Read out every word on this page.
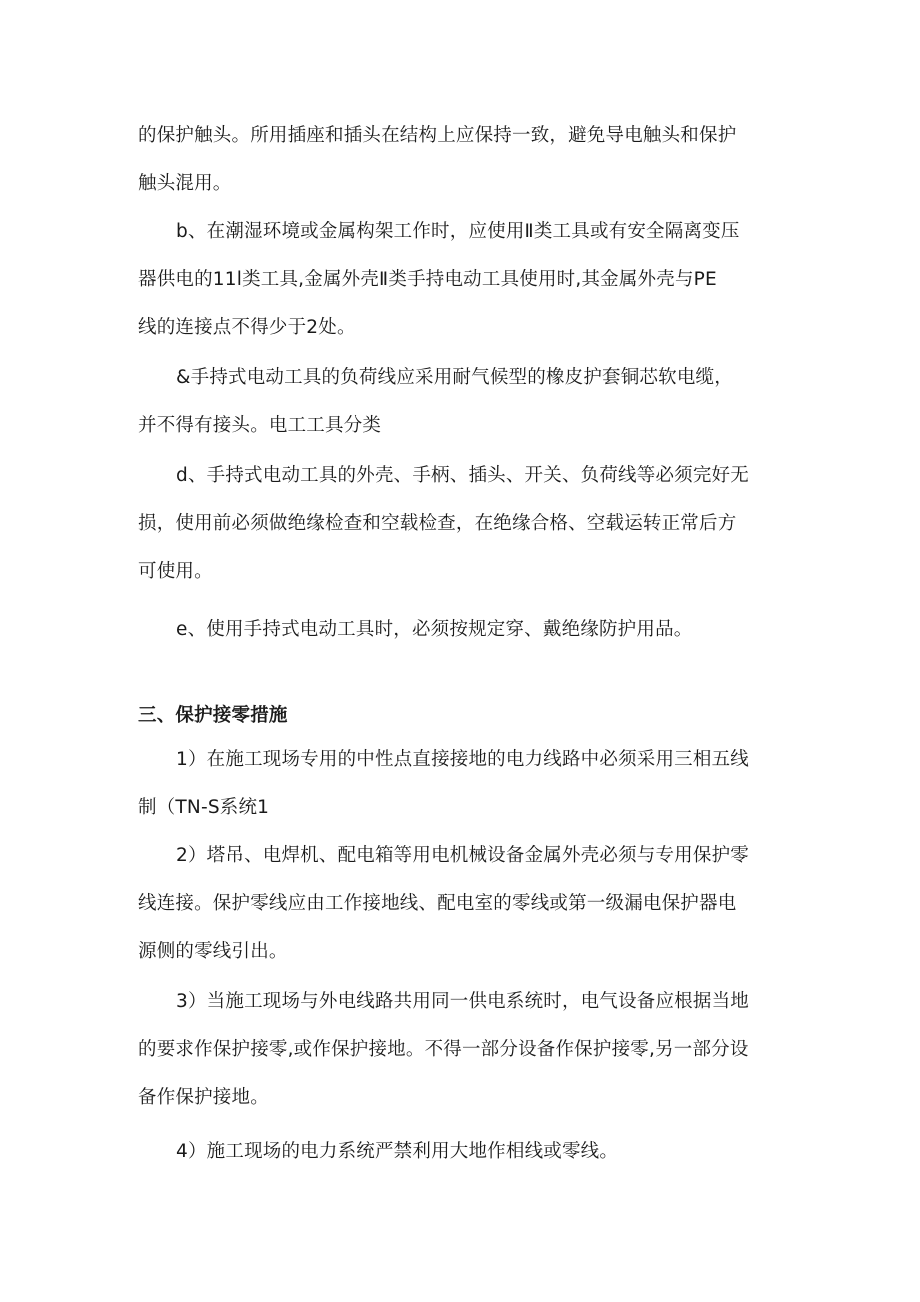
的保护触头。所用插座和插头在结构上应保持一致，避免导电触头和保护
触头混用。
b、在潮湿环境或金属构架工作时，应使用Ⅱ类工具或有安全隔离变压
器供电的11l类工具,金属外壳Ⅱ类手持电动工具使用时,其金属外壳与PE
线的连接点不得少于2处。
&手持式电动工具的负荷线应采用耐气候型的橡皮护套铜芯软电缆，
并不得有接头。电工工具分类
d、手持式电动工具的外壳、手柄、插头、开关、负荷线等必须完好无
损，使用前必须做绝缘检查和空载检查，在绝缘合格、空载运转正常后方
可使用。
e、使用手持式电动工具时，必须按规定穿、戴绝缘防护用品。
三、保护接零措施
1）在施工现场专用的中性点直接接地的电力线路中必须采用三相五线
制（TN-S系统1
2）塔吊、电焊机、配电箱等用电机械设备金属外壳必须与专用保护零
线连接。保护零线应由工作接地线、配电室的零线或第一级漏电保护器电
源侧的零线引出。
3）当施工现场与外电线路共用同一供电系统时，电气设备应根据当地
的要求作保护接零,或作保护接地。不得一部分设备作保护接零,另一部分设
备作保护接地。
4）施工现场的电力系统严禁利用大地作相线或零线。
